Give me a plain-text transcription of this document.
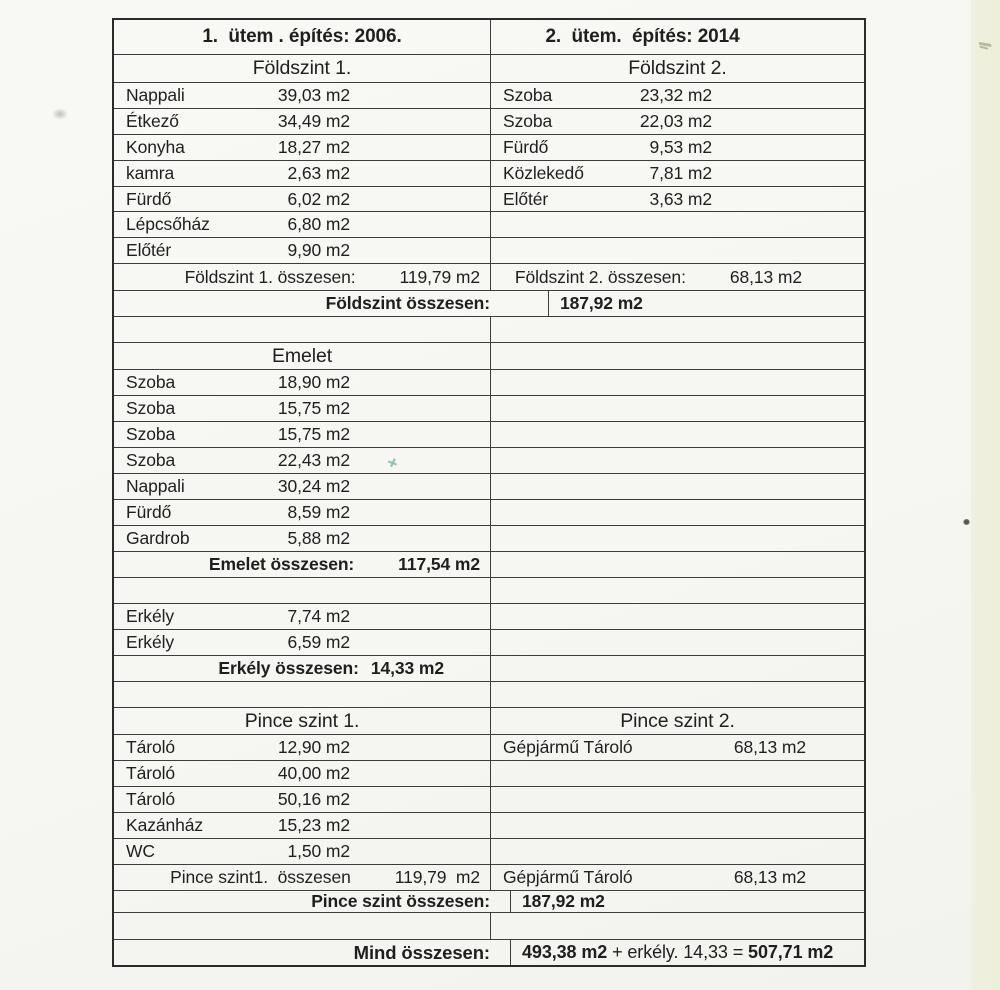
1.  ütem . építés: 2006.	2.  ütem.  építés: 2014
Földszint 1.	Földszint 2.
Nappali	39,03 m2	Szoba	23,32 m2
Étkező	34,49 m2	Szoba	22,03 m2
Konyha	18,27 m2	Fürdő	9,53 m2
kamra	2,63 m2	Közlekedő	7,81 m2
Fürdő	6,02 m2	Előtér	3,63 m2
Lépcsőház	6,80 m2
Előtér	9,90 m2
Földszint 1. összesen:	119,79 m2	Földszint 2. összesen:	68,13 m2
Földszint összesen:	187,92 m2
Emelet
Szoba	18,90 m2
Szoba	15,75 m2
Szoba	15,75 m2
Szoba	22,43 m2
Nappali	30,24 m2
Fürdő	8,59 m2
Gardrob	5,88 m2
Emelet összesen:	117,54 m2
Erkély	7,74 m2
Erkély	6,59 m2
Erkély összesen: 14,33 m2
Pince szint 1.	Pince szint 2.
Tároló	12,90 m2	Gépjármű Tároló	68,13 m2
Tároló	40,00 m2
Tároló	50,16 m2
Kazánház	15,23 m2
WC	1,50 m2
Pince szint1.  összesen	119,79  m2	Gépjármű Tároló	68,13 m2
Pince szint összesen: 187,92 m2
Mind összesen: 493,38 m2 + erkély. 14,33 = 507,71 m2
